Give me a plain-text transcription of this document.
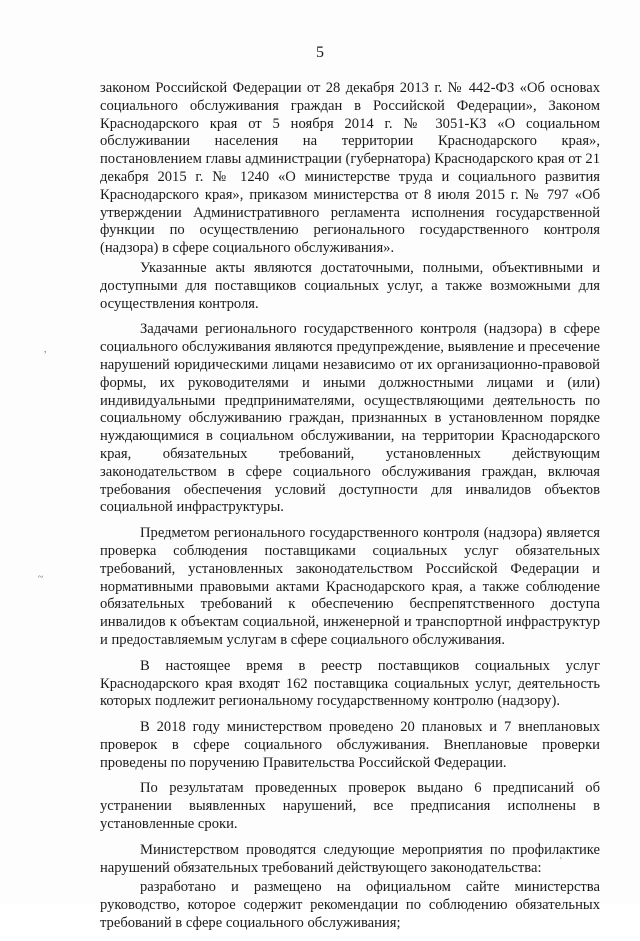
5

законом Российской Федерации от 28 декабря 2013 г. № 442-ФЗ «Об основах социального обслуживания граждан в Российской Федерации», Законом Краснодарского края от 5 ноября 2014 г. № 3051-КЗ «О социальном обслуживании населения на территории Краснодарского края», постановлением главы администрации (губернатора) Краснодарского края от 21 декабря 2015 г. № 1240 «О министерстве труда и социального развития Краснодарского края», приказом министерства от 8 июля 2015 г. № 797 «Об утверждении Административного регламента исполнения государственной функции по осуществлению регионального государственного контроля (надзора) в сфере социального обслуживания».

Указанные акты являются достаточными, полными, объективными и доступными для поставщиков социальных услуг, а также возможными для осуществления контроля.

Задачами регионального государственного контроля (надзора) в сфере социального обслуживания являются предупреждение, выявление и пресечение нарушений юридическими лицами независимо от их организационно-правовой формы, их руководителями и иными должностными лицами и (или) индивидуальными предпринимателями, осуществляющими деятельность по социальному обслуживанию граждан, признанных в установленном порядке нуждающимися в социальном обслуживании, на территории Краснодарского края, обязательных требований, установленных действующим законодательством в сфере социального обслуживания граждан, включая требования обеспечения условий доступности для инвалидов объектов социальной инфраструктуры.

Предметом регионального государственного контроля (надзора) является проверка соблюдения поставщиками социальных услуг обязательных требований, установленных законодательством Российской Федерации и нормативными правовыми актами Краснодарского края, а также соблюдение обязательных требований к обеспечению беспрепятственного доступа инвалидов к объектам социальной, инженерной и транспортной инфраструктур и предоставляемым услугам в сфере социального обслуживания.

В настоящее время в реестр поставщиков социальных услуг Краснодарского края входят 162 поставщика социальных услуг, деятельность которых подлежит региональному государственному контролю (надзору).

В 2018 году министерством проведено 20 плановых и 7 внеплановых проверок в сфере социального обслуживания. Внеплановые проверки проведены по поручению Правительства Российской Федерации.

По результатам проведенных проверок выдано 6 предписаний об устранении выявленных нарушений, все предписания исполнены в установленные сроки.

Министерством проводятся следующие мероприятия по профилактике нарушений обязательных требований действующего законодательства:

разработано и размещено на официальном сайте министерства руководство, которое содержит рекомендации по соблюдению обязательных требований в сфере социального обслуживания;

,
~
'
